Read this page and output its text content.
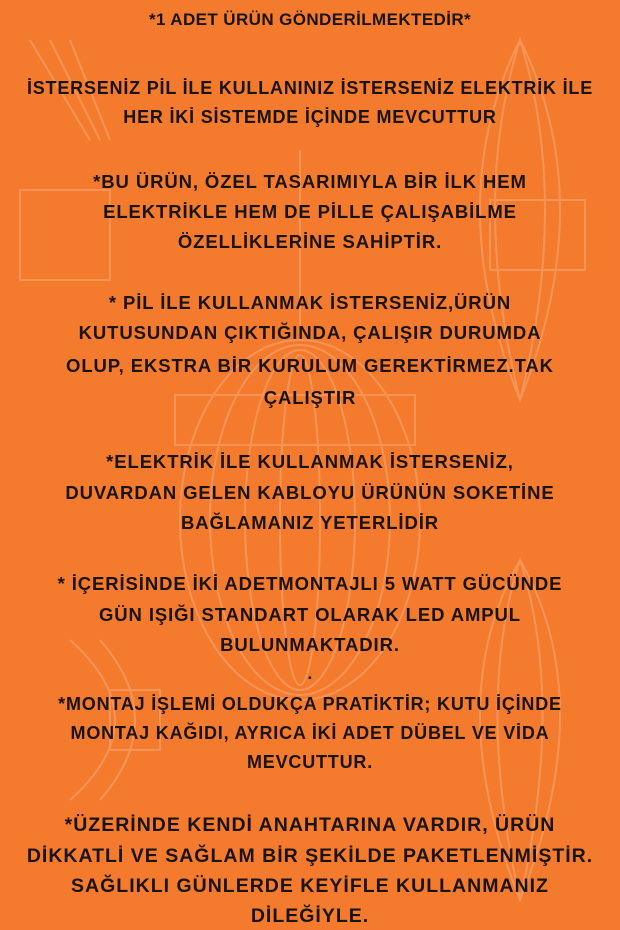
*1 ADET ÜRÜN GÖNDERİLMEKTEDİR*
İSTERSENİZ PİL İLE KULLANINIZ İSTERSENİZ ELEKTRİK İLE
HER İKİ SİSTEMDE İÇİNDE MEVCUTTUR
*BU ÜRÜN, ÖZEL TASARIMIYLA BİR İLK HEM
ELEKTRİKLE HEM DE PİLLE ÇALIŞABİLME
ÖZELLİKLERİNE SAHİPTİR.
* PİL İLE KULLANMAK İSTERSENİZ,ÜRÜN
KUTUSUNDAN ÇIKTIĞINDA, ÇALIŞIR DURUMDA
OLUP, EKSTRA BİR KURULUM GEREKTİRMEZ.TAK
ÇALIŞTIR
*ELEKTRİK İLE KULLANMAK İSTERSENİZ,
DUVARDAN GELEN KABLOYU ÜRÜNÜN SOKETİNE
BAĞLAMANIZ YETERLİDİR
* İÇERİSİNDE İKİ ADETMONTAJLI 5 WATT GÜCÜNDE
GÜN IŞIĞI STANDART OLARAK LED AMPUL
BULUNMAKTADIR.
.
*MONTAJ İŞLEMİ OLDUKÇA PRATİKTİR; KUTU İÇİNDE
MONTAJ KAĞIDI, AYRICA İKİ ADET DÜBEL VE VİDA
MEVCUTTUR.
*ÜZERİNDE KENDİ ANAHTARINA VARDIR, ÜRÜN
DİKKATLİ VE SAĞLAM BİR ŞEKİLDE PAKETLENMİŞTİR.
SAĞLIKLI GÜNLERDE KEYİFLE KULLANMANIZ
DİLEĞİYLE.
